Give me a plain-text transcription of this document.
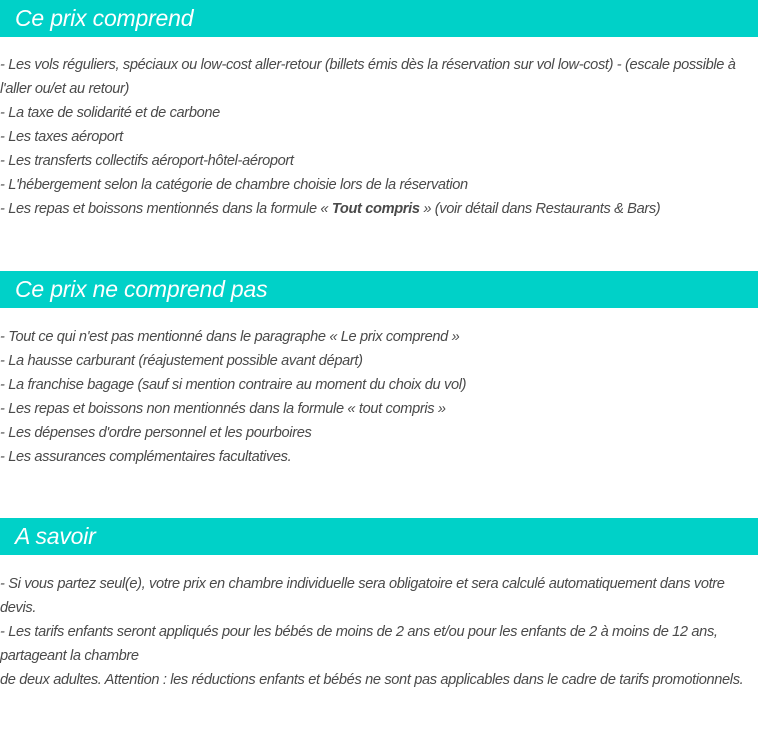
Ce prix comprend
- Les vols réguliers, spéciaux ou low-cost aller-retour (billets émis dès la réservation sur vol low-cost) - (escale possible à
l'aller ou/et au retour)
- La taxe de solidarité et de carbone
- Les taxes aéroport
- Les transferts collectifs aéroport-hôtel-aéroport
- L'hébergement selon la catégorie de chambre choisie lors de la réservation
- Les repas et boissons mentionnés dans la formule « Tout compris » (voir détail dans Restaurants & Bars)
Ce prix ne comprend pas
- Tout ce qui n'est pas mentionné dans le paragraphe « Le prix comprend »
- La hausse carburant (réajustement possible avant départ)
- La franchise bagage (sauf si mention contraire au moment du choix du vol)
- Les repas et boissons non mentionnés dans la formule « tout compris »
- Les dépenses d'ordre personnel et les pourboires
- Les assurances complémentaires facultatives.
A savoir
- Si vous partez seul(e), votre prix en chambre individuelle sera obligatoire et sera calculé automatiquement dans votre
devis.
- Les tarifs enfants seront appliqués pour les bébés de moins de 2 ans et/ou pour les enfants de 2 à moins de 12 ans,
partageant la chambre
de deux adultes. Attention : les réductions enfants et bébés ne sont pas applicables dans le cadre de tarifs promotionnels.
